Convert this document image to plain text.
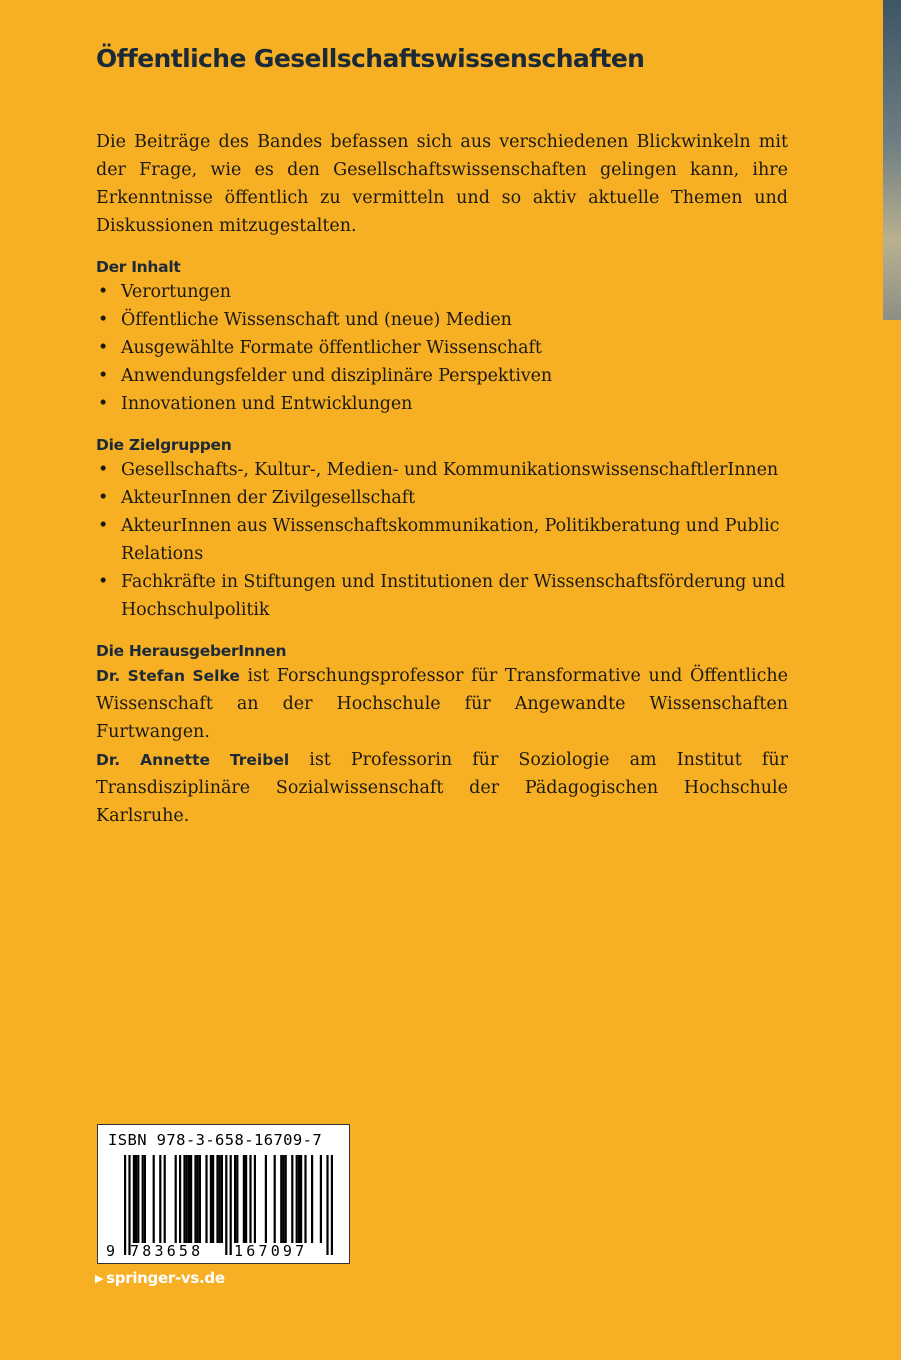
Öffentliche Gesellschaftswissenschaften

Die Beiträge des Bandes befassen sich aus verschiedenen Blickwinkeln mit der Frage, wie es den Gesellschaftswissenschaften gelingen kann, ihre Erkenntnisse öffentlich zu vermitteln und so aktiv aktuelle Themen und Diskussionen mitzugestalten.

Der Inhalt
• Verortungen
• Öffentliche Wissenschaft und (neue) Medien
• Ausgewählte Formate öffentlicher Wissenschaft
• Anwendungsfelder und disziplinäre Perspektiven
• Innovationen und Entwicklungen
Die Zielgruppen
• Gesellschafts-, Kultur-, Medien- und KommunikationswissenschaftlerInnen
• AkteurInnen der Zivilgesellschaft
• AkteurInnen aus Wissenschaftskommunikation, Politikberatung und Public Relations
• Fachkräfte in Stiftungen und Institutionen der Wissenschaftsförderung und Hochschulpolitik
Die HerausgeberInnen

Dr. Stefan Selke ist Forschungsprofessor für Transformative und Öffentliche Wissenschaft an der Hochschule für Angewandte Wissenschaften Furtwangen.

Dr. Annette Treibel ist Professorin für Soziologie am Institut für Transdisziplinäre Sozialwissenschaft der Pädagogischen Hochschule Karlsruhe.

ISBN 978-3-658-16709-7
9 783658 167097
▶ springer-vs.de
